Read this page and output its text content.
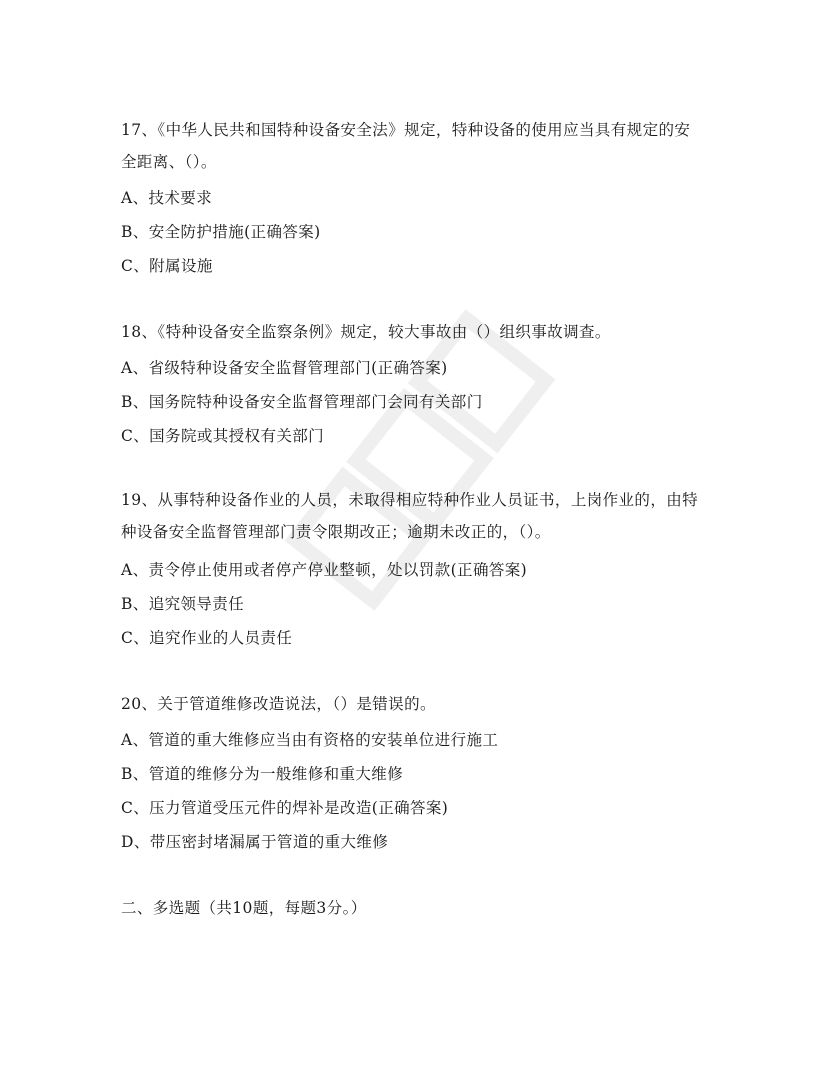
17、《中华人民共和国特种设备安全法》规定，特种设备的使用应当具有规定的安
全距离、（）。
A、技术要求
B、安全防护措施(正确答案)
C、附属设施
18、《特种设备安全监察条例》规定，较大事故由（）组织事故调查。
A、省级特种设备安全监督管理部门(正确答案)
B、国务院特种设备安全监督管理部门会同有关部门
C、国务院或其授权有关部门
19、从事特种设备作业的人员，未取得相应特种作业人员证书，上岗作业的，由特
种设备安全监督管理部门责令限期改正；逾期未改正的，（）。
A、责令停止使用或者停产停业整顿，处以罚款(正确答案)
B、追究领导责任
C、追究作业的人员责任
20、关于管道维修改造说法，（）是错误的。
A、管道的重大维修应当由有资格的安装单位进行施工
B、管道的维修分为一般维修和重大维修
C、压力管道受压元件的焊补是改造(正确答案)
D、带压密封堵漏属于管道的重大维修
二、多选题（共10题，每题3分。）
